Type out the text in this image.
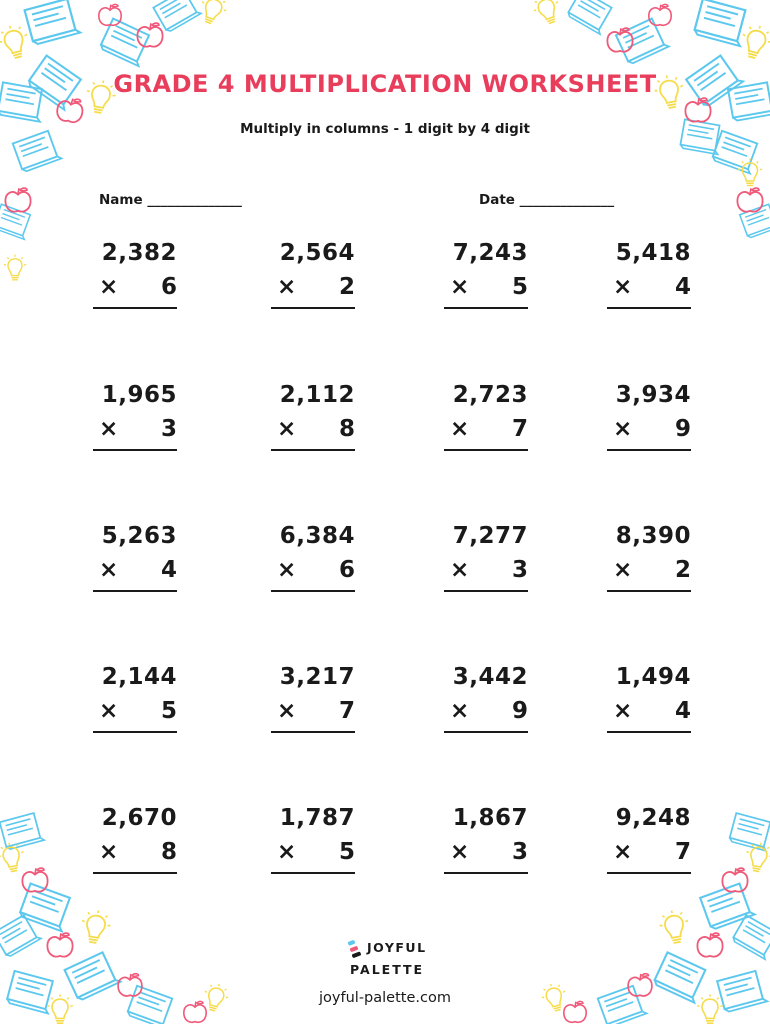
GRADE 4 MULTIPLICATION WORKSHEET
Multiply in columns - 1 digit by 4 digit
Name ______________	Date ______________
2,382
× 6
2,564
× 2
7,243
× 5
5,418
× 4
1,965
× 3
2,112
× 8
2,723
× 7
3,934
× 9
5,263
× 4
6,384
× 6
7,277
× 3
8,390
× 2
2,144
× 5
3,217
× 7
3,442
× 9
1,494
× 4
2,670
× 8
1,787
× 5
1,867
× 3
9,248
× 7
JOYFUL
PALETTE
joyful-palette.com
